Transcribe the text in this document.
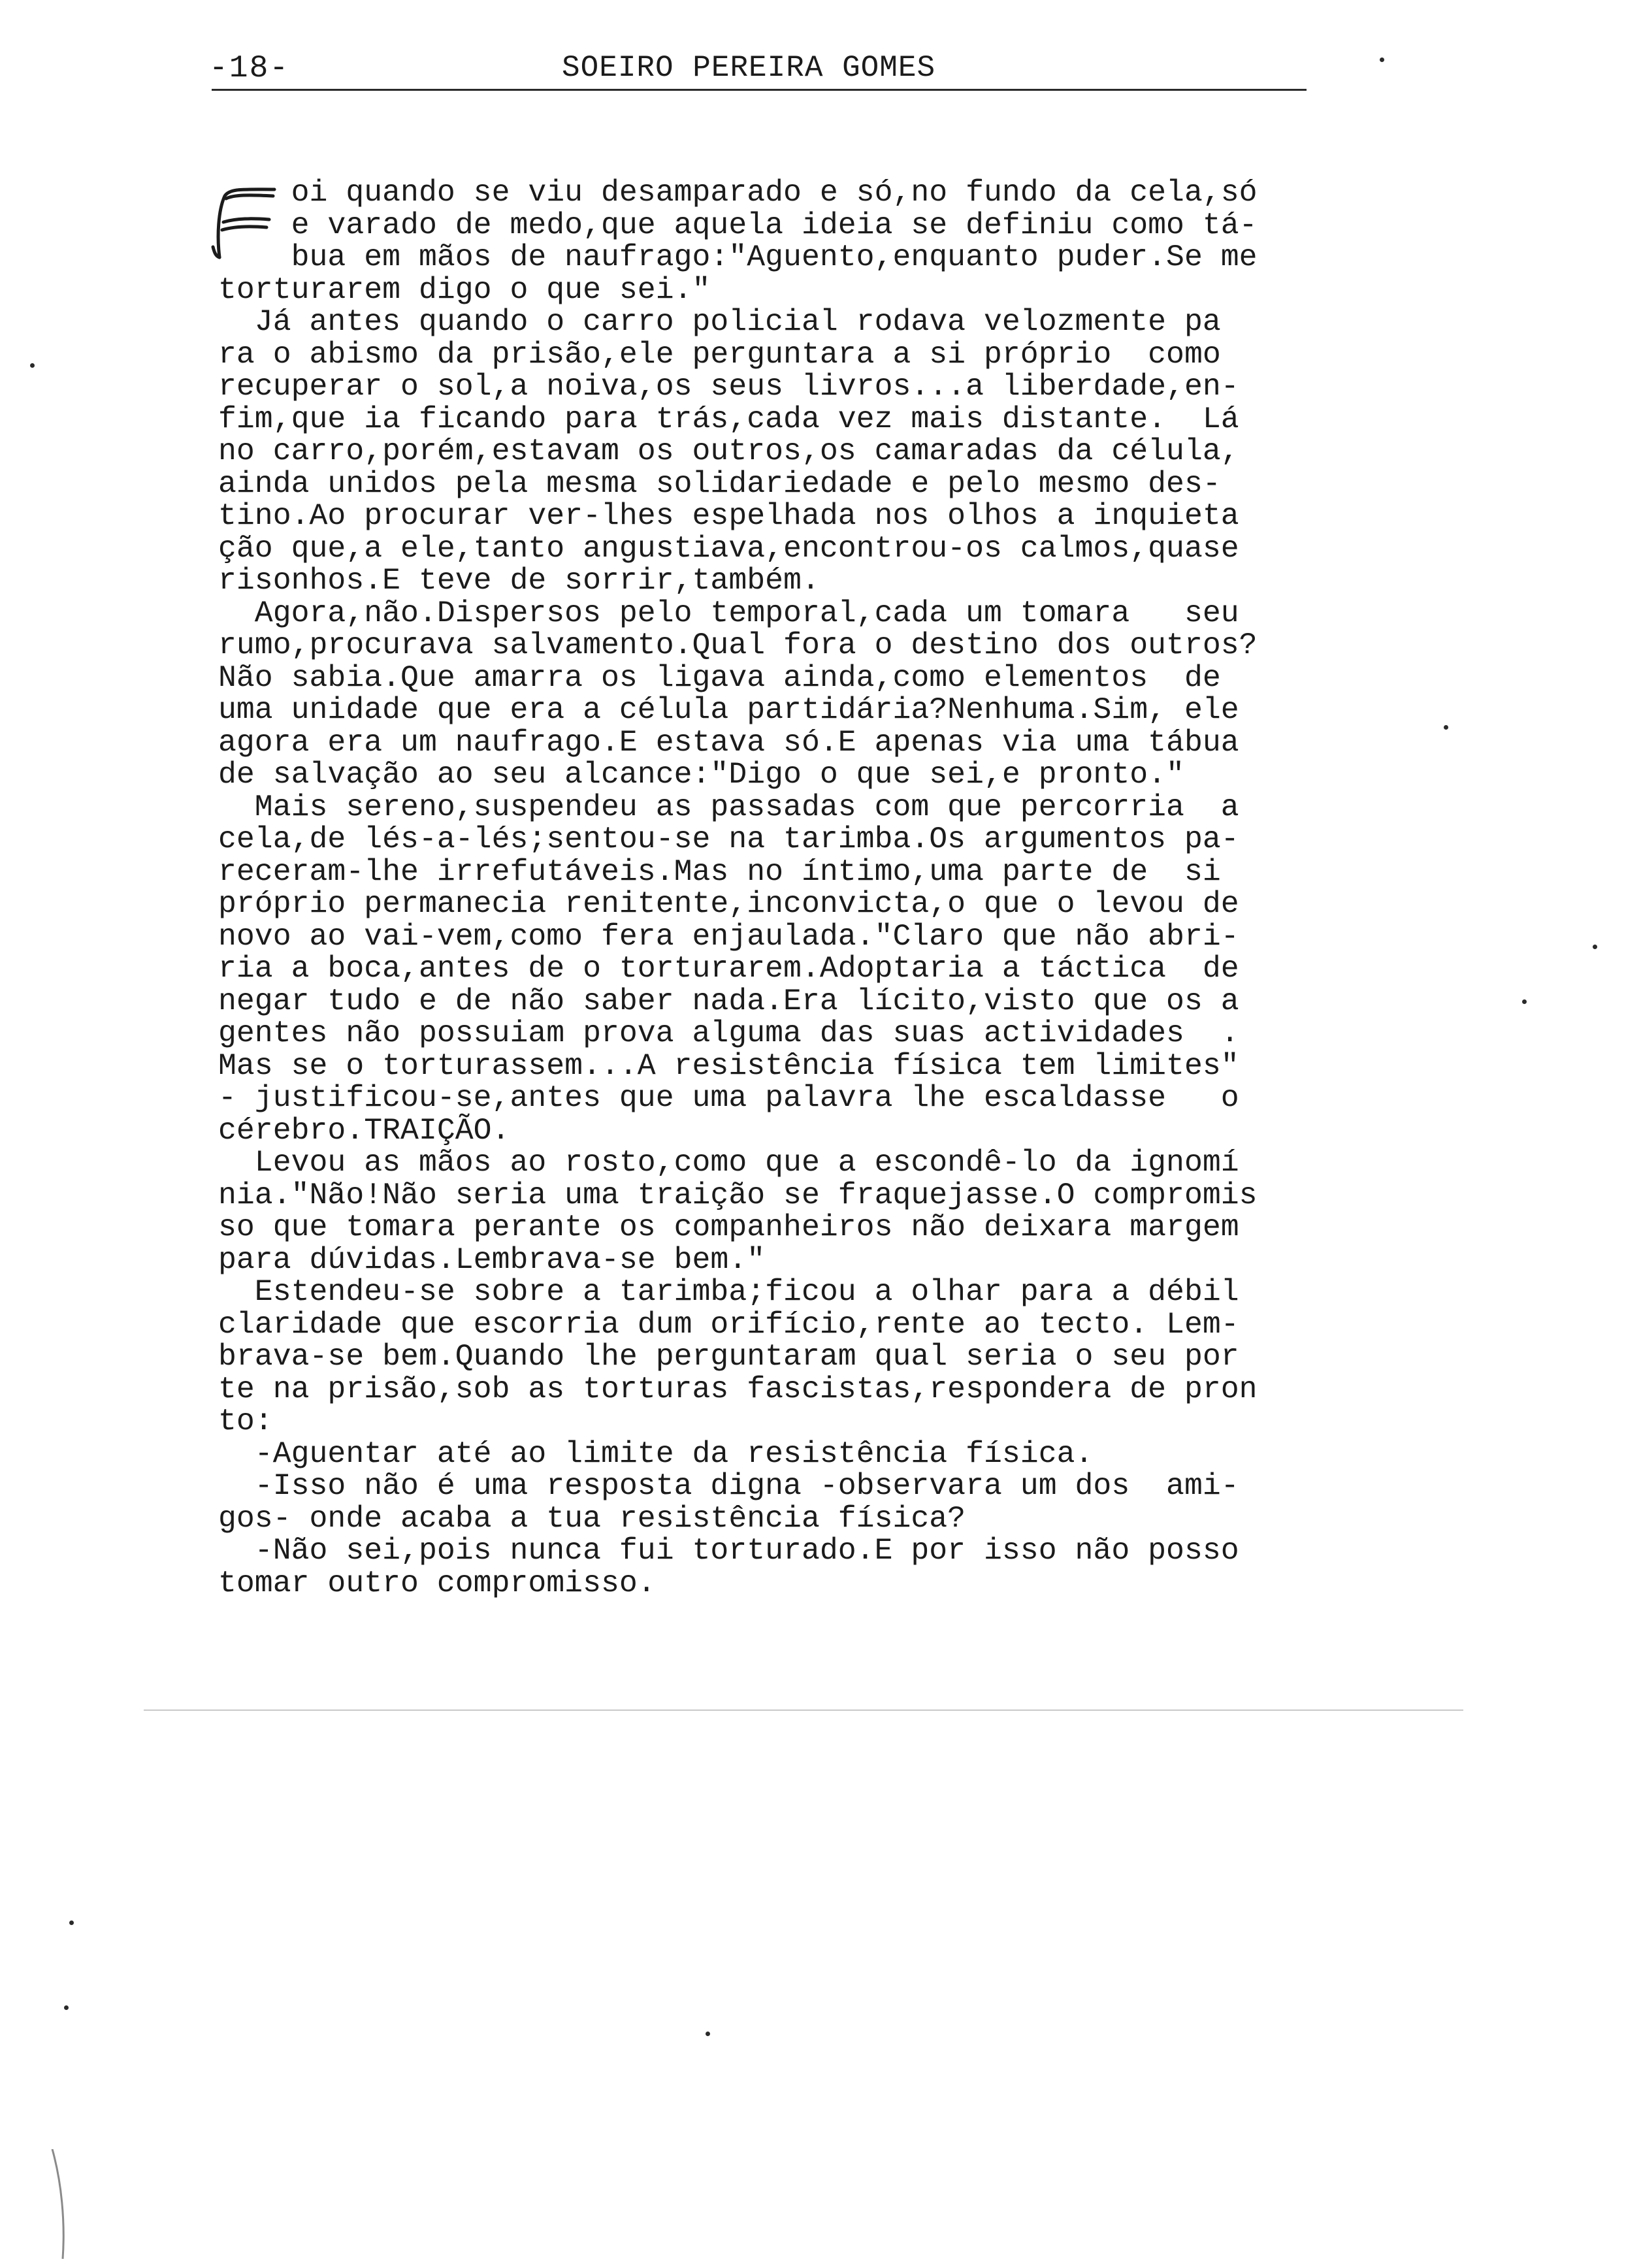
-18-	SOEIRO PEREIRA GOMES
oi quando se viu desamparado e só,no fundo da cela,só
e varado de medo,que aquela ideia se definiu como tá-
bua em mãos de naufrago:"Aguento,enquanto puder.Se me
torturarem digo o que sei."
Já antes quando o carro policial rodava velozmente pa
ra o abismo da prisão,ele perguntara a si próprio  como
recuperar o sol,a noiva,os seus livros...a liberdade,en-
fim,que ia ficando para trás,cada vez mais distante.  Lá
no carro,porém,estavam os outros,os camaradas da célula,
ainda unidos pela mesma solidariedade e pelo mesmo des-
tino.Ao procurar ver-lhes espelhada nos olhos a inquieta
ção que,a ele,tanto angustiava,encontrou-os calmos,quase
risonhos.E teve de sorrir,também.
Agora,não.Dispersos pelo temporal,cada um tomara   seu
rumo,procurava salvamento.Qual fora o destino dos outros?
Não sabia.Que amarra os ligava ainda,como elementos  de
uma unidade que era a célula partidária?Nenhuma.Sim, ele
agora era um naufrago.E estava só.E apenas via uma tábua
de salvação ao seu alcance:"Digo o que sei,e pronto."
Mais sereno,suspendeu as passadas com que percorria  a
cela,de lés-a-lés;sentou-se na tarimba.Os argumentos pa-
receram-lhe irrefutáveis.Mas no íntimo,uma parte de  si
próprio permanecia renitente,inconvicta,o que o levou de
novo ao vai-vem,como fera enjaulada."Claro que não abri-
ria a boca,antes de o torturarem.Adoptaria a táctica  de
negar tudo e de não saber nada.Era lícito,visto que os a
gentes não possuiam prova alguma das suas actividades  .
Mas se o torturassem...A resistência física tem limites"
- justificou-se,antes que uma palavra lhe escaldasse   o
cérebro.TRAIÇÃO.
Levou as mãos ao rosto,como que a escondê-lo da ignomí
nia."Não!Não seria uma traição se fraquejasse.O compromis
so que tomara perante os companheiros não deixara margem
para dúvidas.Lembrava-se bem."
Estendeu-se sobre a tarimba;ficou a olhar para a débil
claridade que escorria dum orifício,rente ao tecto. Lem-
brava-se bem.Quando lhe perguntaram qual seria o seu por
te na prisão,sob as torturas fascistas,respondera de pron
to:
-Aguentar até ao limite da resistência física.
-Isso não é uma resposta digna -observara um dos  ami-
gos- onde acaba a tua resistência física?
-Não sei,pois nunca fui torturado.E por isso não posso
tomar outro compromisso.
